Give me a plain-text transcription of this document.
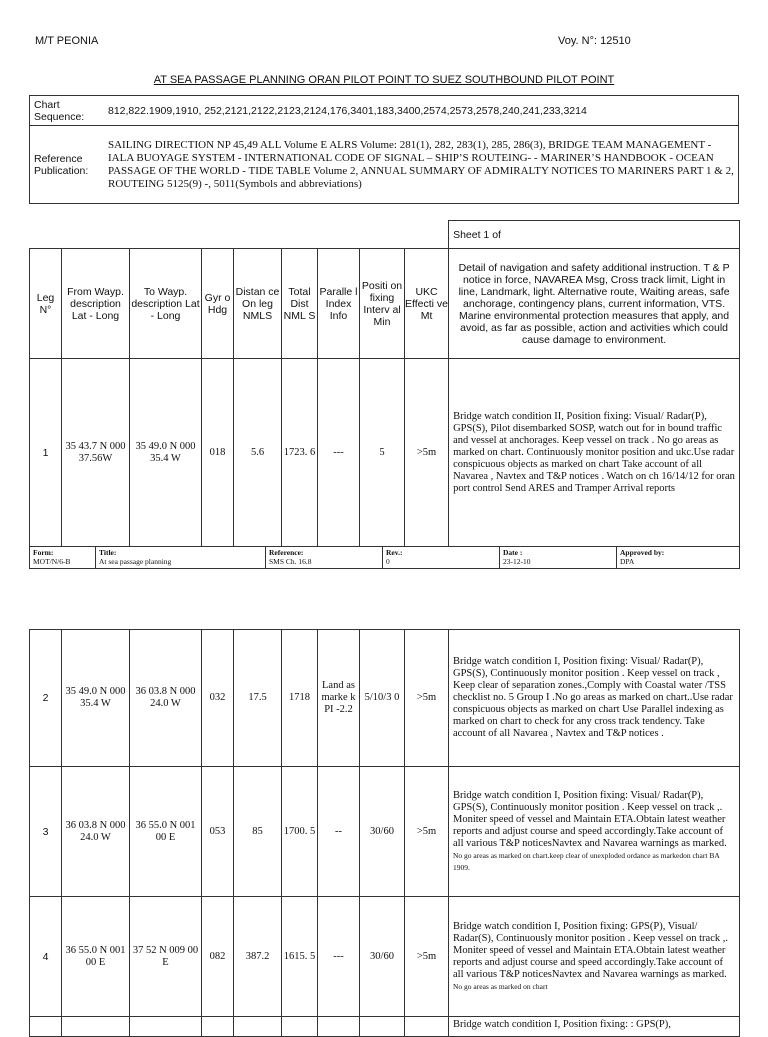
M/T PEONIA	Voy. N°: 12510
AT SEA PASSAGE PLANNING ORAN PILOT POINT TO SUEZ SOUTHBOUND PILOT POINT
Chart Sequence:	812,822.1909,1910, 252,2121,2122,2123,2124,176,3401,183,3400,2574,2573,2578,240,241,233,3214
Reference Publication:	SAILING DIRECTION NP 45,49 ALL Volume E ALRS Volume: 281(1), 282, 283(1), 285, 286(3), BRIDGE TEAM MANAGEMENT - IALA BUOYAGE SYSTEM - INTERNATIONAL CODE OF SIGNAL – SHIP’S ROUTEING- - MARINER’S HANDBOOK - OCEAN PASSAGE OF THE WORLD - TIDE TABLE Volume 2, ANNUAL SUMMARY OF ADMIRALTY NOTICES TO MARINERS PART 1 & 2, ROUTEING 5125(9) -, 5011(Symbols and abbreviations)
									Sheet 1 of
Leg N°	From Wayp. description Lat - Long	To Wayp. description Lat - Long	Gyr o Hdg	Distan ce On leg NMLS	Total Dist NML S	Paralle l Index Info	Positi on fixing Interv al Min	UKC Effecti ve Mt	Detail of navigation and safety additional instruction. T & P notice in force, NAVAREA Msg, Cross track limit, Light in line, Landmark, light. Alternative route, Waiting areas, safe anchorage, contingency plans, current information, VTS. Marine environmental protection measures that apply, and avoid, as far as possible, action and activities which could cause damage to environment.
1	35 43.7 N 000 37.56W	35 49.0 N 000 35.4 W	018	5.6	1723. 6	---	5	>5m	Bridge watch condition II, Position fixing: Visual/ Radar(P), GPS(S), Pilot disembarked SOSP, watch out for in bound traffic and vessel at anchorages. Keep vessel on track . No go areas as marked on chart. Continuously monitor position and ukc.Use radar conspicuous objects as marked on chart Take account of all Navarea , Navtex and T&P notices . Watch on ch 16/14/12 for oran port control Send ARES and Tramper Arrival reports
Form:
MOT/N/6-B

Title:
At sea passage planning

Reference:
SMS Ch. 16.8

Rev.:
0

Date :
23-12-10

Approved by:
DPA
2	35 49.0 N 000 35.4 W	36 03.8 N 000 24.0 W	032	17.5	1718	Land as marke k PI -2.2	5/10/3 0	>5m	Bridge watch condition I, Position fixing: Visual/ Radar(P), GPS(S), Continuously monitor position . Keep vessel on track , Keep clear of separation zones.,Comply with Coastal water /TSS checklist no. 5 Group I .No go areas as marked on chart..Use radar conspicuous objects as marked on chart Use Parallel indexing as marked on chart to check for any cross track tendency. Take account of all Navarea , Navtex and T&P notices .
3	36 03.8 N 000 24.0 W	36 55.0 N 001 00 E	053	85	1700. 5	--	30/60	>5m	Bridge watch condition I, Position fixing: Visual/ Radar(P), GPS(S), Continuously monitor position . Keep vessel on track ,. Moniter speed of vessel and Maintain ETA.Obtain latest weather reports and adjust course and speed accordingly.Take account of all various T&P noticesNavtex and Navarea warnings as marked. No go areas as marked on chart.keep clear of unexploded ordance as markedon chart BA 1909.
4	36 55.0 N 001 00 E	37 52 N 009 00 E	082	387.2	1615. 5	---	30/60	>5m	Bridge watch condition I, Position fixing: GPS(P), Visual/ Radar(S), Continuously monitor position . Keep vessel on track ,. Moniter speed of vessel and Maintain ETA.Obtain latest weather reports and adjust course and speed accordingly.Take account of all various T&P noticesNavtex and Navarea warnings as marked. No go areas as marked on chart
									Bridge watch condition I, Position fixing: : GPS(P),
